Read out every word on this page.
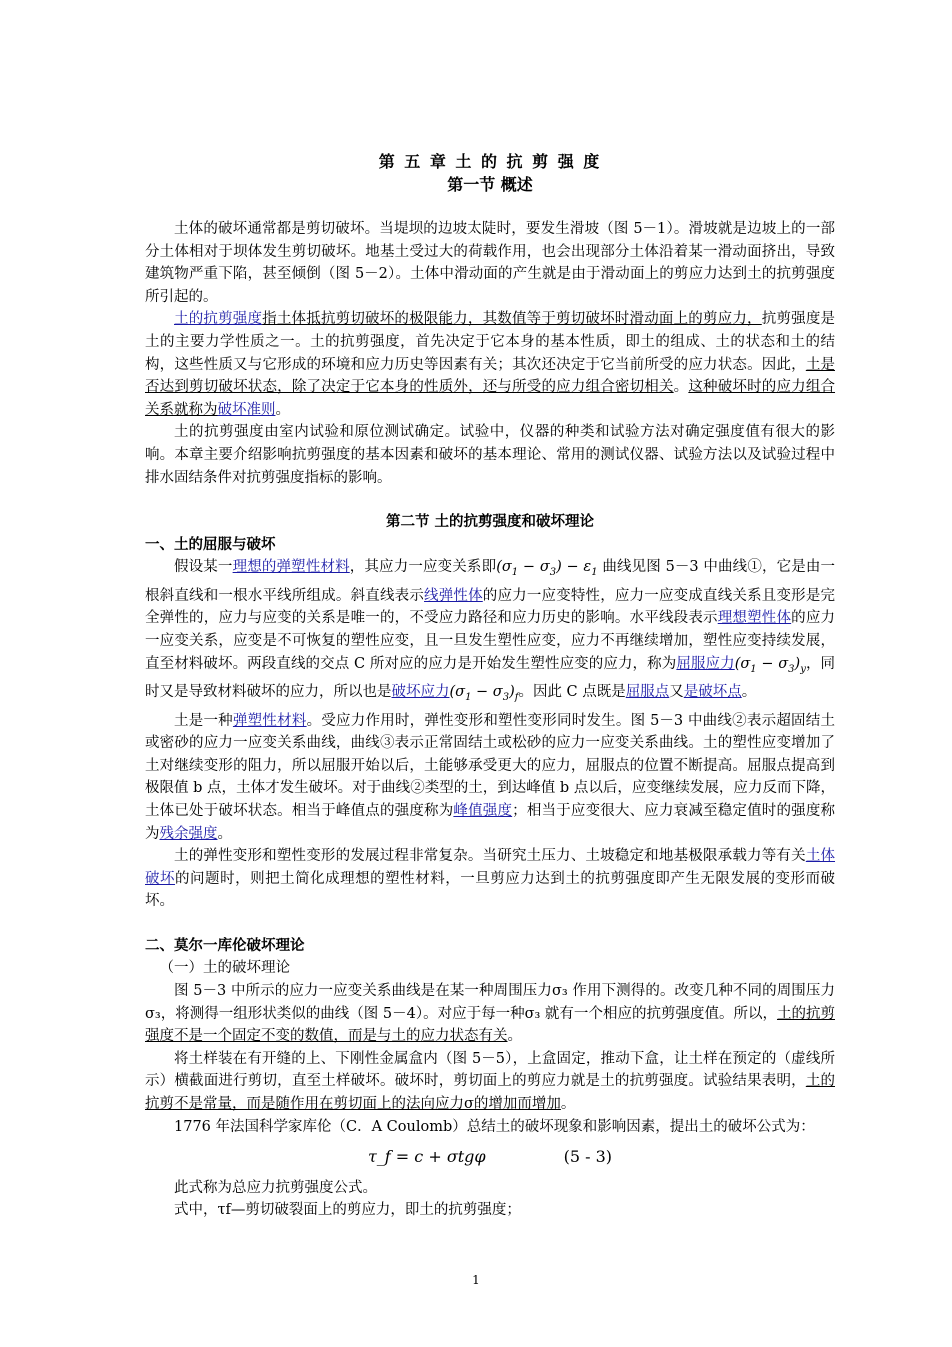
第 五 章 土 的 抗 剪 强 度

第一节 概述

土体的破坏通常都是剪切破坏。当堤坝的边坡太陡时，要发生滑坡（图 5－1）。滑坡就是边坡上的一部分土体相对于坝体发生剪切破坏。地基土受过大的荷载作用，也会出现部分土体沿着某一滑动面挤出，导致建筑物严重下陷，甚至倾倒（图 5－2）。土体中滑动面的产生就是由于滑动面上的剪应力达到土的抗剪强度所引起的。

土的抗剪强度指土体抵抗剪切破坏的极限能力，其数值等于剪切破坏时滑动面上的剪应力，抗剪强度是土的主要力学性质之一。土的抗剪强度，首先决定于它本身的基本性质，即土的组成、土的状态和土的结构，这些性质又与它形成的环境和应力历史等因素有关；其次还决定于它当前所受的应力状态。因此，土是否达到剪切破坏状态，除了决定于它本身的性质外，还与所受的应力组合密切相关。这种破坏时的应力组合关系就称为破坏准则。

土的抗剪强度由室内试验和原位测试确定。试验中，仪器的种类和试验方法对确定强度值有很大的影响。本章主要介绍影响抗剪强度的基本因素和破坏的基本理论、常用的测试仪器、试验方法以及试验过程中排水固结条件对抗剪强度指标的影响。

第二节 土的抗剪强度和破坏理论

一、土的屈服与破坏

假设某一理想的弹塑性材料，其应力一应变关系即$(\sigma_1 - \sigma_3) - \varepsilon_1$ 曲线见图 5－3 中曲线①，它是由一根斜直线和一根水平线所组成。斜直线表示线弹性体的应力一应变特性，应力一应变成直线关系且变形是完全弹性的，应力与应变的关系是唯一的，不受应力路径和应力历史的影响。水平线段表示理想塑性体的应力一应变关系，应变是不可恢复的塑性应变，且一旦发生塑性应变，应力不再继续增加，塑性应变持续发展，直至材料破坏。两段直线的交点 C 所对应的应力是开始发生塑性应变的应力，称为屈服应力$(\sigma_1 - \sigma_3)_y$，同时又是导致材料破坏的应力，所以也是破坏应力$(\sigma_1 - \sigma_3)_f$。因此 C 点既是屈服点又是破坏点。

土是一种弹塑性材料。受应力作用时，弹性变形和塑性变形同时发生。图 5－3 中曲线②表示超固结土或密砂的应力一应变关系曲线，曲线③表示正常固结土或松砂的应力一应变关系曲线。土的塑性应变增加了土对继续变形的阻力，所以屈服开始以后，土能够承受更大的应力，屈服点的位置不断提高。屈服点提高到极限值 b 点，土体才发生破坏。对于曲线②类型的土，到达峰值 b 点以后，应变继续发展，应力反而下降，土体已处于破坏状态。相当于峰值点的强度称为峰值强度；相当于应变很大、应力衰减至稳定值时的强度称为残余强度。

土的弹性变形和塑性变形的发展过程非常复杂。当研究土压力、土坡稳定和地基极限承载力等有关土体破坏的问题时，则把土简化成理想的塑性材料，一旦剪应力达到土的抗剪强度即产生无限发展的变形而破坏。

二、莫尔一库伦破坏理论

（一）土的破坏理论

图 5－3 中所示的应力一应变关系曲线是在某一种周围压力σ₃ 作用下测得的。改变几种不同的周围压力σ₃，将测得一组形状类似的曲线（图 5－4）。对应于每一种σ₃ 就有一个相应的抗剪强度值。所以，土的抗剪强度不是一个固定不变的数值，而是与土的应力状态有关。

将土样装在有开缝的上、下刚性金属盒内（图 5－5），上盒固定，推动下盒，让土样在预定的（虚线所示）横截面进行剪切，直至土样破坏。破坏时，剪切面上的剪应力就是土的抗剪强度。试验结果表明，土的抗剪不是常量，而是随作用在剪切面上的法向应力σ的增加而增加。

1776 年法国科学家库伦（C．A Coulomb）总结土的破坏现象和影响因素，提出土的破坏公式为：

τ_f = c + σtgφ	(5 - 3)

此式称为总应力抗剪强度公式。

式中，τf—剪切破裂面上的剪应力，即土的抗剪强度；

1
